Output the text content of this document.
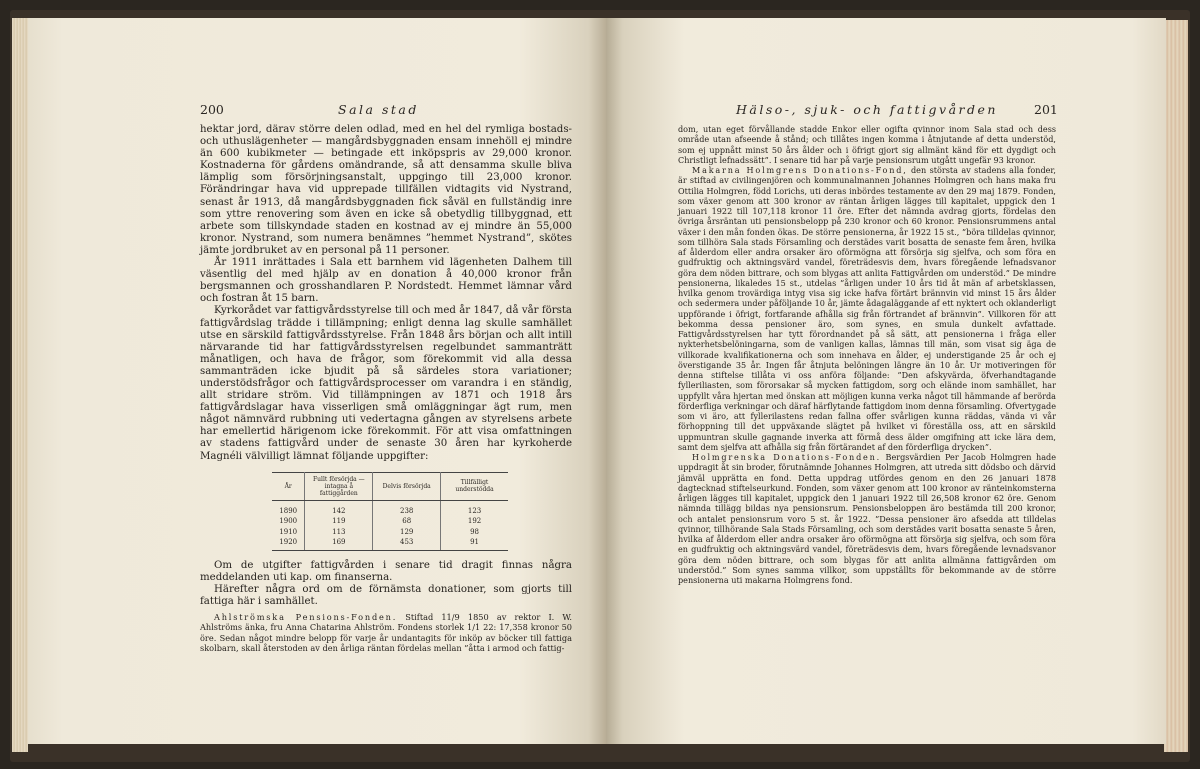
200	Sala stad

hektar jord, därav större delen odlad, med en hel del rymliga bostads- och uthuslägenheter — mangårdsbyggnaden ensam innehöll ej mindre än 600 kubikmeter — betingade ett inköpspris av 29,000 kronor. Kostnaderna för gårdens omändrande, så att densamma skulle bliva lämplig som försörjningsanstalt, uppgingo till 23,000 kronor. Förändringar hava vid upprepade tillfällen vidtagits vid Nystrand, senast år 1913, då mangårdsbyggnaden fick såväl en fullständig inre som yttre renovering som även en icke så obetydlig tillbyggnad, ett arbete som tillskyndade staden en kostnad av ej mindre än 55,000 kronor. Nystrand, som numera benämnes ”hemmet Nystrand”, skötes jämte jordbruket av en personal på 11 personer.

År 1911 inrättades i Sala ett barnhem vid lägenheten Dalhem till väsentlig del med hjälp av en donation å 40,000 kronor från bergsmannen och grosshandlaren P. Nordstedt. Hemmet lämnar vård och fostran åt 15 barn.

Kyrkorådet var fattigvårdsstyrelse till och med år 1847, då vår första fattigvårdslag trädde i tillämpning; enligt denna lag skulle samhället utse en särskild fattigvårdsstyrelse. Från 1848 års början och allt intill närvarande tid har fattigvårdsstyrelsen regelbundet sammanträtt månatligen, och hava de frågor, som förekommit vid alla dessa sammanträden icke bjudit på så särdeles stora variationer; understödsfrågor och fattigvårdsprocesser om varandra i en ständig, allt stridare ström. Vid tillämpningen av 1871 och 1918 års fattigvårdslagar hava visserligen små omläggningar ägt rum, men något nämnvärd rubbning uti vedertagna gången av styrelsens arbete har emellertid härigenom icke förekommit. För att visa omfattningen av stadens fattigvård under de senaste 30 åren har kyrkoherde Magnéli välvilligt lämnat följande uppgifter:

År	Fullt försörjda — intagna å fattiggården	Delvis försörjda	Tillfälligt understödda
1890	142	238	123
1900	119	68	192
1910	113	129	98
1920	169	453	91

Om de utgifter fattigvården i senare tid dragit finnas några meddelanden uti kap. om finanserna.

Härefter några ord om de förnämsta donationer, som gjorts till fattiga här i samhället.

Ahlströmska Pensions-Fonden. Stiftad 11/9 1850 av rektor I. W. Ahlströms änka, fru Anna Chatarina Ahlström. Fondens storlek 1/1 22: 17,358 kronor 50 öre. Sedan något mindre belopp för varje år undantagits för inköp av böcker till fattiga skolbarn, skall återstoden av den årliga räntan fördelas mellan ”åtta i armod och fattig-

Hälso-, sjuk- och fattigvården	201

dom, utan eget förvållande stadde Enkor eller ogifta qvinnor inom Sala stad och dess område utan afseende å stånd; och tillåtes ingen komma i åtnjutande af detta understöd, som ej uppnått minst 50 års ålder och i öfrigt gjort sig allmänt känd för ett dygdigt och Christligt lefnadssätt”. I senare tid har på varje pensionsrum utgått ungefär 93 kronor.

Makarna Holmgrens Donations-Fond, den största av stadens alla fonder, är stiftad av civilingenjören och kommunalmannen Johannes Holmgren och hans maka fru Ottilia Holmgren, född Lorichs, uti deras inbördes testamente av den 29 maj 1879. Fonden, som växer genom att 300 kronor av räntan årligen lägges till kapitalet, uppgick den 1 januari 1922 till 107,118 kronor 11 öre. Efter det nämnda avdrag gjorts, fördelas den övriga årsräntan uti pensionsbelopp på 230 kronor och 60 kronor. Pensionsrummens antal växer i den mån fonden ökas. De större pensionerna, år 1922 15 st., ”böra tilldelas qvinnor, som tillhöra Sala stads Församling och derstädes varit bosatta de senaste fem åren, hvilka af ålderdom eller andra orsaker äro oförmögna att försörja sig sjelfva, och som föra en gudfruktig och aktningsvärd vandel, företrädesvis dem, hvars föregående lefnadsvanor göra dem nöden bittrare, och som blygas att anlita Fattigvården om understöd.” De mindre pensionerna, likaledes 15 st., utdelas ”årligen under 10 års tid åt män af arbetsklassen, hvilka genom trovärdiga intyg visa sig icke hafva förtärt brännvin vid minst 15 års ålder och sedermera under påföljande 10 år, jämte ådagaläggande af ett nyktert och oklanderligt uppförande i öfrigt, fortfarande afhålla sig från förtrandet af brännvin”. Villkoren för att bekomma dessa pensioner äro, som synes, en smula dunkelt avfattade. Fattigvårdsstyrelsen har tytt förordnandet på så sätt, att pensionerna i fråga eller nykterhetsbelöningarna, som de vanligen kallas, lämnas till män, som visat sig äga de villkorade kvalifikationerna och som innehava en ålder, ej understigande 25 år och ej överstigande 35 år. Ingen får åtnjuta belöningen längre än 10 år. Ur motiveringen för denna stiftelse tillåta vi oss anföra följande: ”Den afskyvärda, öfverhandtagande fylleriliasten, som förorsakar så mycken fattigdom, sorg och elände inom samhället, har uppfyllt våra hjertan med önskan att möjligen kunna verka något till hämmande af berörda förderfliga verkningar och däraf härflytande fattigdom inom denna församling. Ofvertygade som vi äro, att fyllerilastens redan fallna offer svårligen kunna räddas, vända vi vår förhoppning till det uppväxande slägtet på hvilket vi föreställa oss, att en särskild uppmuntran skulle gagnande inverka att förmå dess älder omgifning att icke lära dem, samt dem sjelfva att afhålla sig från förtärandet af den förderfliga drycken”.

Holmgrenska Donations-Fonden. Bergsvärdien Per Jacob Holmgren hade uppdragit åt sin broder, förutnämnde Johannes Holmgren, att utreda sitt dödsbo och därvid jämväl upprätta en fond. Detta uppdrag utfördes genom en den 26 januari 1878 dagtecknad stiftelseurkund. Fonden, som växer genom att 100 kronor av ränteinkomsterna årligen lägges till kapitalet, uppgick den 1 januari 1922 till 26,508 kronor 62 öre. Genom nämnda tillägg bildas nya pensionsrum. Pensionsbeloppen äro bestämda till 200 kronor, och antalet pensionsrum voro 5 st. år 1922. ”Dessa pensioner äro afsedda att tilldelas qvinnor, tillhörande Sala Stads Församling, och som derstädes varit bosatta senaste 5 åren, hvilka af ålderdom eller andra orsaker äro oförmögna att försörja sig sjelfva, och som föra en gudfruktig och aktningsvärd vandel, företrädesvis dem, hvars föregående levnadsvanor göra dem nöden bittrare, och som blygas för att anlita allmänna fattigvården om understöd.” Som synes samma villkor, som uppställts för bekommande av de större pensionerna uti makarna Holmgrens fond.
